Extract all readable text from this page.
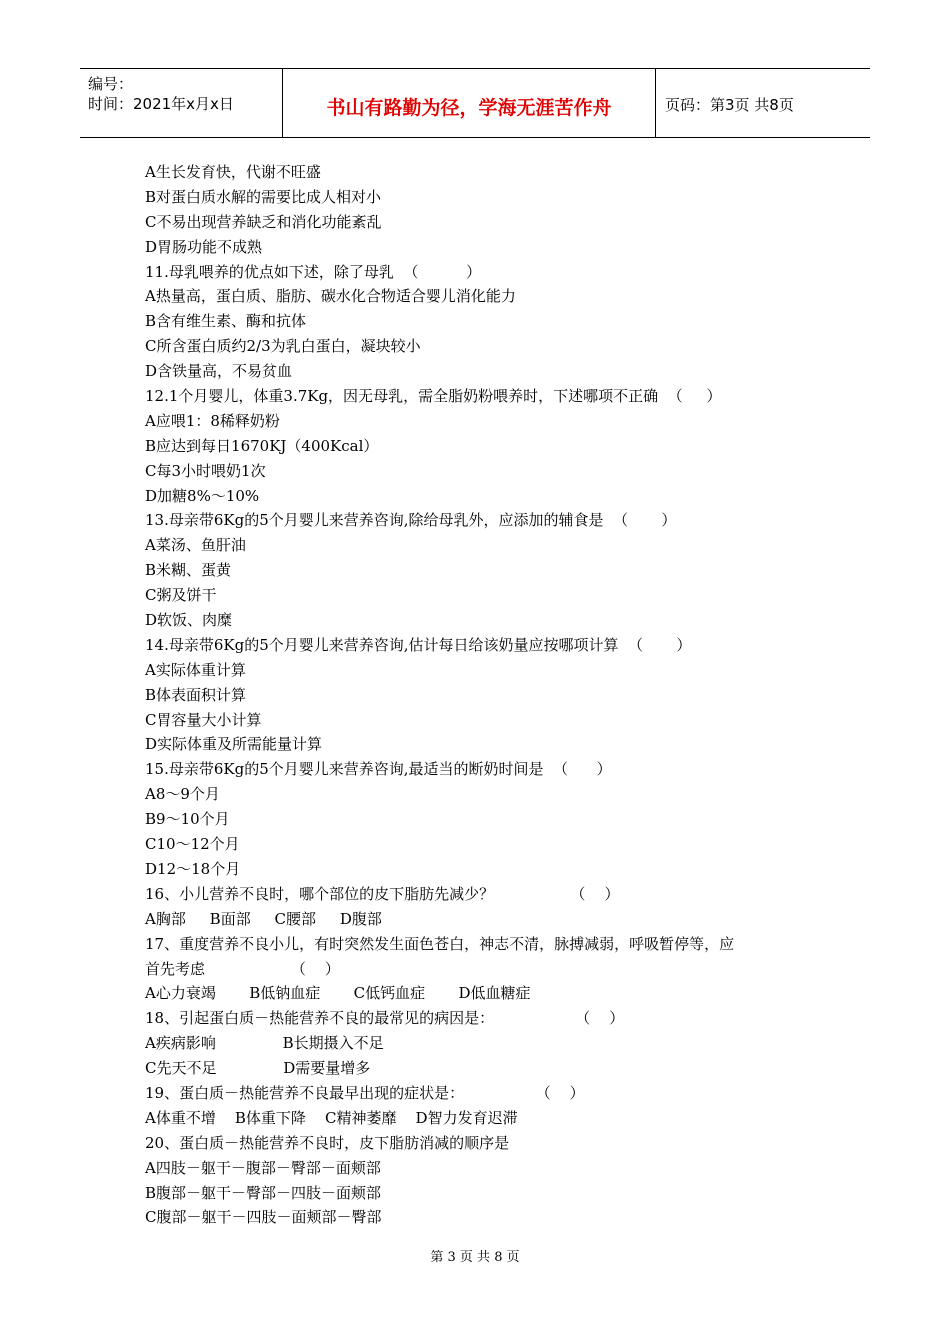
编号：
时间：2021年x月x日	书山有路勤为径，学海无涯苦作舟	页码：第3页 共8页
A生长发育快，代谢不旺盛
B对蛋白质水解的需要比成人相对小
C不易出现营养缺乏和消化功能紊乱
D胃肠功能不成熟
11.母乳喂养的优点如下述，除了母乳  （          ）
A热量高，蛋白质、脂肪、碳水化合物适合婴儿消化能力
B含有维生素、酶和抗体
C所含蛋白质约2/3为乳白蛋白，凝块较小
D含铁量高，不易贫血
12.1个月婴儿，体重3.7Kg，因无母乳，需全脂奶粉喂养时，下述哪项不正确  （     ）
A应喂1：8稀释奶粉
B应达到每日1670KJ（400Kcal）
C每3小时喂奶1次
D加糖8%～10%
13.母亲带6Kg的5个月婴儿来营养咨询,除给母乳外，应添加的辅食是  （       ）
A菜汤、鱼肝油
B米糊、蛋黄
C粥及饼干
D软饭、肉糜
14.母亲带6Kg的5个月婴儿来营养咨询,估计每日给该奶量应按哪项计算  （       ）
A实际体重计算
B体表面积计算
C胃容量大小计算
D实际体重及所需能量计算
15.母亲带6Kg的5个月婴儿来营养咨询,最适当的断奶时间是  （      ）
A8～9个月
B9～10个月
C10～12个月
D12～18个月
16、小儿营养不良时，哪个部位的皮下脂肪先减少？                （    ）
A胸部     B面部     C腰部     D腹部
17、重度营养不良小儿，有时突然发生面色苍白，神志不清，脉搏减弱，呼吸暂停等，应
首先考虑                  （    ）
A心力衰竭       B低钠血症       C低钙血症       D低血糖症
18、引起蛋白质－热能营养不良的最常见的病因是：                 （    ）
A疾病影响              B长期摄入不足
C先天不足              D需要量增多
19、蛋白质－热能营养不良最早出现的症状是：               （    ）
A体重不增    B体重下降    C精神萎靡    D智力发育迟滞
20、蛋白质－热能营养不良时，皮下脂肪消减的顺序是
A四肢－躯干－腹部－臀部－面颊部
B腹部－躯干－臀部－四肢－面颊部
C腹部－躯干－四肢－面颊部－臀部
第 3 页 共 8 页
